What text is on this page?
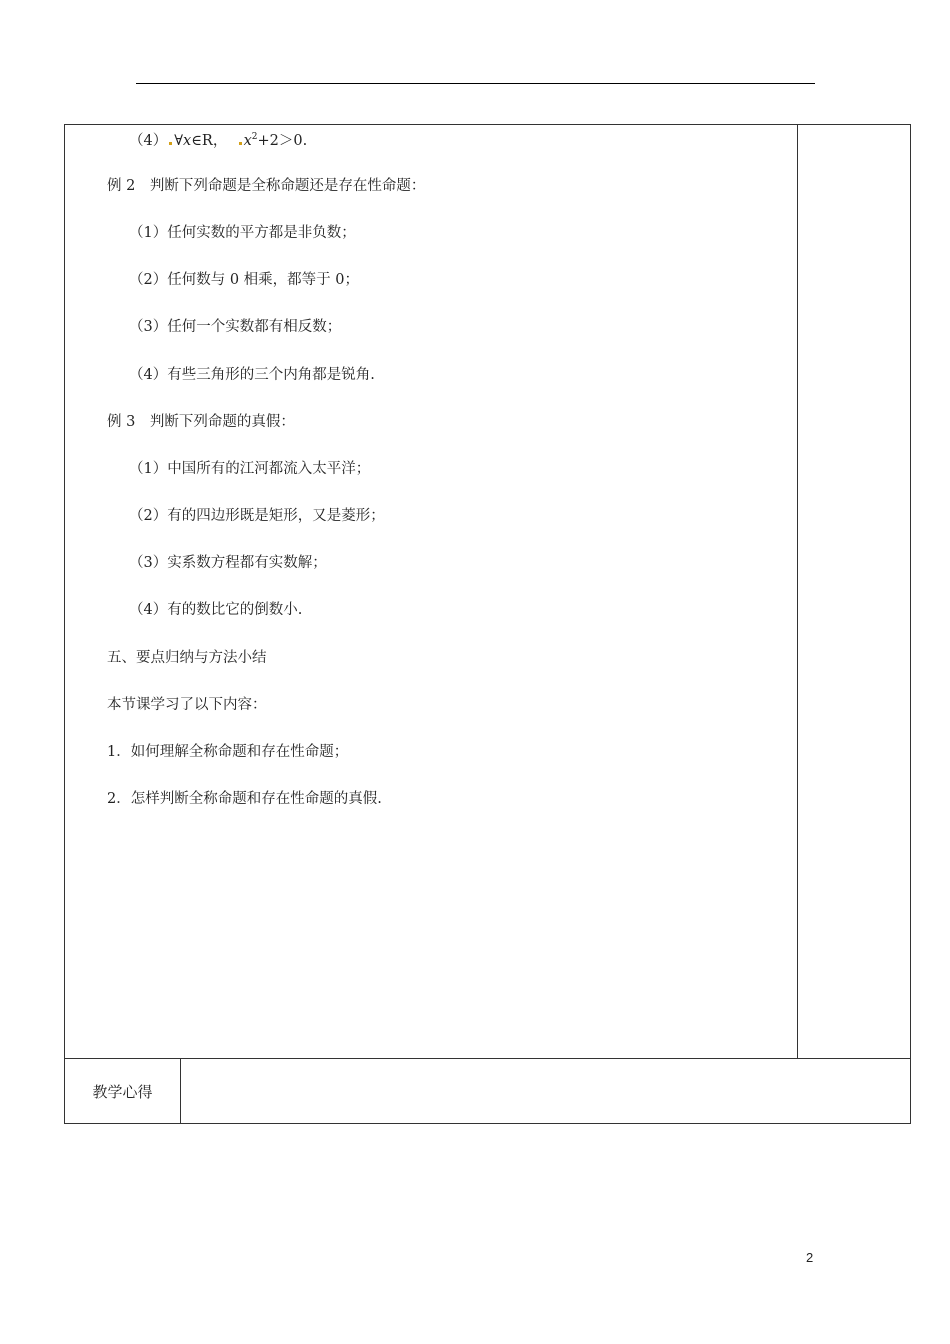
（4） ∀x∈R， $x^2+2>0$.
例 2　判断下列命题是全称命题还是存在性命题：
（1）任何实数的平方都是非负数；
（2）任何数与 0 相乘，都等于 0；
（3）任何一个实数都有相反数；
（4）有些三角形的三个内角都是锐角.
例 3　判断下列命题的真假：
（1）中国所有的江河都流入太平洋；
（2）有的四边形既是矩形，又是菱形；
（3）实系数方程都有实数解；
（4）有的数比它的倒数小.
五、要点归纳与方法小结
本节课学习了以下内容：
1．如何理解全称命题和存在性命题；
2．怎样判断全称命题和存在性命题的真假.
教学心得
2
